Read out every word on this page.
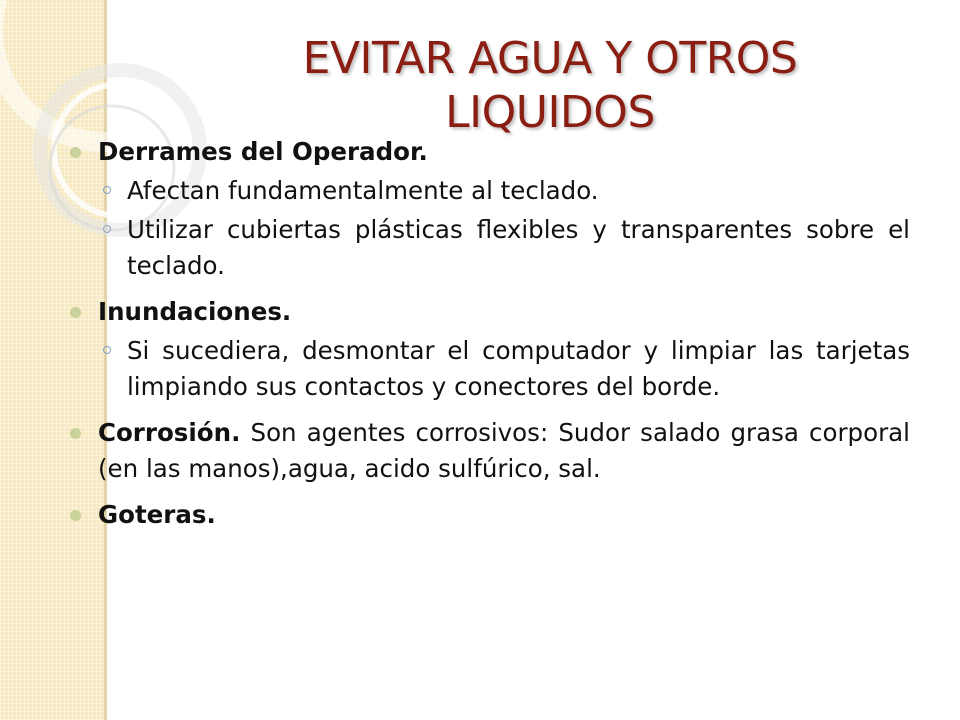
EVITAR AGUA Y OTROS LIQUIDOS
Derrames del Operador.
Afectan fundamentalmente al teclado.
Utilizar cubiertas plásticas flexibles y transparentes sobre el teclado.
Inundaciones.
Si sucediera, desmontar el computador y limpiar las tarjetas limpiando sus contactos y conectores del borde.
Corrosión. Son agentes corrosivos: Sudor salado grasa corporal (en las manos),agua, acido sulfúrico, sal.
Goteras.
